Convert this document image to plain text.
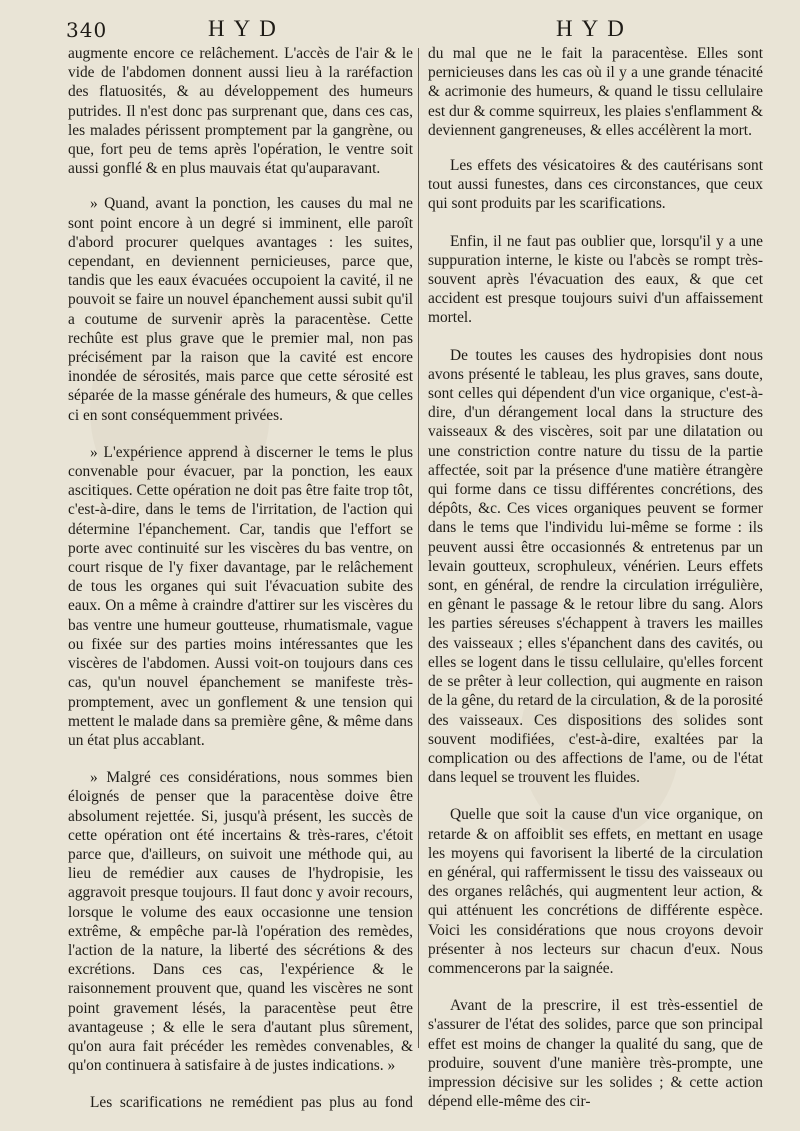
340	HYD	HYD

augmente encore ce relâchement. L'accès de l'air & le vide de l'abdomen donnent aussi lieu à la raréfaction des flatuosités, & au développement des humeurs putrides. Il n'est donc pas surprenant que, dans ces cas, les malades périssent promptement par la gangrène, ou que, fort peu de tems après l'opération, le ventre soit aussi gonflé & en plus mauvais état qu'auparavant.

» Quand, avant la ponction, les causes du mal ne sont point encore à un degré si imminent, elle paroît d'abord procurer quelques avantages : les suites, cependant, en deviennent pernicieuses, parce que, tandis que les eaux évacuées occupoient la cavité, il ne pouvoit se faire un nouvel épanchement aussi subit qu'il a coutume de survenir après la paracentèse. Cette rechûte est plus grave que le premier mal, non pas précisément par la raison que la cavité est encore inondée de sérosités, mais parce que cette sérosité est séparée de la masse générale des humeurs, & que celles ci en sont conséquemment privées.

» L'expérience apprend à discerner le tems le plus convenable pour évacuer, par la ponction, les eaux ascitiques. Cette opération ne doit pas être faite trop tôt, c'est-à-dire, dans le tems de l'irritation, de l'action qui détermine l'épanchement. Car, tandis que l'effort se porte avec continuité sur les viscères du bas ventre, on court risque de l'y fixer davantage, par le relâchement de tous les organes qui suit l'évacuation subite des eaux. On a même à craindre d'attirer sur les viscères du bas ventre une humeur goutteuse, rhumatismale, vague ou fixée sur des parties moins intéressantes que les viscères de l'abdomen. Aussi voit-on toujours dans ces cas, qu'un nouvel épanchement se manifeste très-promptement, avec un gonflement & une tension qui mettent le malade dans sa première gêne, & même dans un état plus accablant.

» Malgré ces considérations, nous sommes bien éloignés de penser que la paracentèse doive être absolument rejettée. Si, jusqu'à présent, les succès de cette opération ont été incertains & très-rares, c'étoit parce que, d'ailleurs, on suivoit une méthode qui, au lieu de remédier aux causes de l'hydropisie, les aggravoit presque toujours. Il faut donc y avoir recours, lorsque le volume des eaux occasionne une tension extrême, & empêche par-là l'opération des remèdes, l'action de la nature, la liberté des sécrétions & des excrétions. Dans ces cas, l'expérience & le raisonnement prouvent que, quand les viscères ne sont point gravement lésés, la paracentèse peut être avantageuse ; & elle le sera d'autant plus sûrement, qu'on aura fait précéder les remèdes convenables, & qu'on continuera à satisfaire à de justes indications. »

Les scarifications ne remédient pas plus au fond

du mal que ne le fait la paracentèse. Elles sont pernicieuses dans les cas où il y a une grande ténacité & acrimonie des humeurs, & quand le tissu cellulaire est dur & comme squirreux, les plaies s'enflamment & deviennent gangreneuses, & elles accélèrent la mort.

Les effets des vésicatoires & des cautérisans sont tout aussi funestes, dans ces circonstances, que ceux qui sont produits par les scarifications.

Enfin, il ne faut pas oublier que, lorsqu'il y a une suppuration interne, le kiste ou l'abcès se rompt très-souvent après l'évacuation des eaux, & que cet accident est presque toujours suivi d'un affaissement mortel.

De toutes les causes des hydropisies dont nous avons présenté le tableau, les plus graves, sans doute, sont celles qui dépendent d'un vice organique, c'est-à-dire, d'un dérangement local dans la structure des vaisseaux & des viscères, soit par une dilatation ou une constriction contre nature du tissu de la partie affectée, soit par la présence d'une matière étrangère qui forme dans ce tissu différentes concrétions, des dépôts, &c. Ces vices organiques peuvent se former dans le tems que l'individu lui-même se forme : ils peuvent aussi être occasionnés & entretenus par un levain goutteux, scrophuleux, vénérien. Leurs effets sont, en général, de rendre la circulation irrégulière, en gênant le passage & le retour libre du sang. Alors les parties séreuses s'échappent à travers les mailles des vaisseaux ; elles s'épanchent dans des cavités, ou elles se logent dans le tissu cellulaire, qu'elles forcent de se prêter à leur collection, qui augmente en raison de la gêne, du retard de la circulation, & de la porosité des vaisseaux. Ces dispositions des solides sont souvent modifiées, c'est-à-dire, exaltées par la complication ou des affections de l'ame, ou de l'état dans lequel se trouvent les fluides.

Quelle que soit la cause d'un vice organique, on retarde & on affoiblit ses effets, en mettant en usage les moyens qui favorisent la liberté de la circulation en général, qui raffermissent le tissu des vaisseaux ou des organes relâchés, qui augmentent leur action, & qui atténuent les concrétions de différente espèce. Voici les considérations que nous croyons devoir présenter à nos lecteurs sur chacun d'eux. Nous commencerons par la saignée.

Avant de la prescrire, il est très-essentiel de s'assurer de l'état des solides, parce que son principal effet est moins de changer la qualité du sang, que de produire, souvent d'une manière très-prompte, une impression décisive sur les solides ; & cette action dépend elle-même des cir-
